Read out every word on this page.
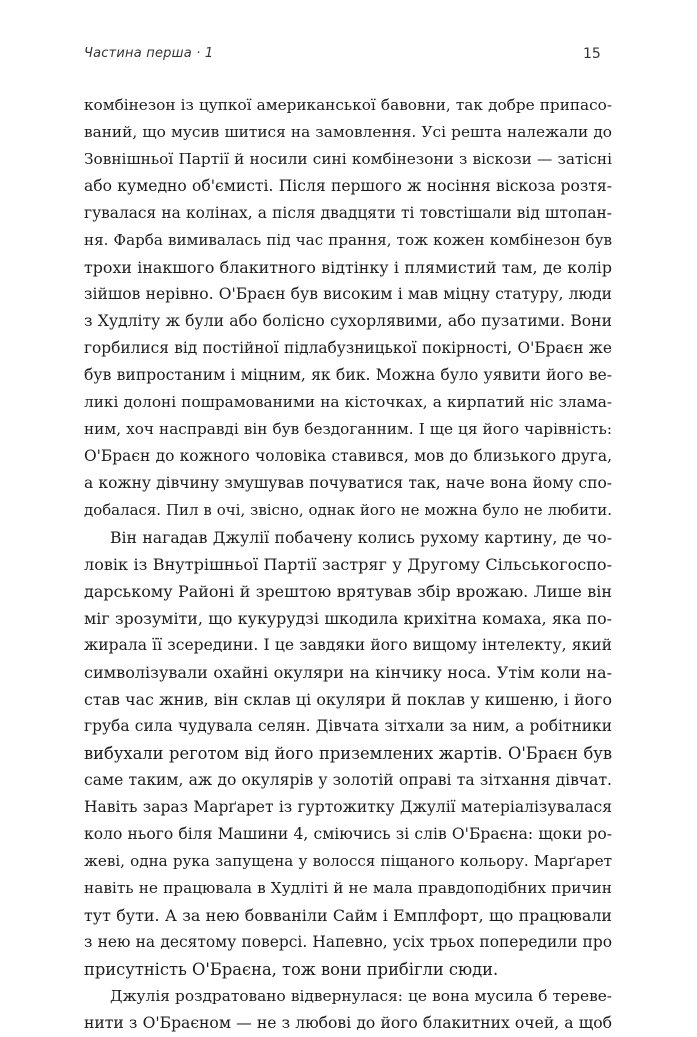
Частина перша · 1	15
комбінезон із цупкої американської бавовни, так добре припасо-
ваний, що мусив шитися на замовлення. Усі решта належали до
Зовнішньої Партії й носили сині комбінезони з віскози — затісні
або кумедно об'ємисті. Після першого ж носіння віскоза розтя-
гувалася на колінах, а після двадцяти ті товстішали від штопан-
ня. Фарба вимивалась під час прання, тож кожен комбінезон був
трохи інакшого блакитного відтінку і плямистий там, де колір
зійшов нерівно. О'Браєн був високим і мав міцну статуру, люди
з Худліту ж були або болісно сухорлявими, або пузатими. Вони
горбилися від постійної підлабузницької покірності, О'Браєн же
був випростаним і міцним, як бик. Можна було уявити його ве-
ликі долоні пошрамованими на кісточках, а кирпатий ніс злама-
ним, хоч насправді він був бездоганним. І ще ця його чарівність:
О'Браєн до кожного чоловіка ставився, мов до близького друга,
а кожну дівчину змушував почуватися так, наче вона йому спо-
добалася. Пил в очі, звісно, однак його не можна було не любити.
Він нагадав Джулії побачену колись рухому картину, де чо-
ловік із Внутрішньої Партії застряг у Другому Сільськогоспо-
дарському Районі й зрештою врятував збір врожаю. Лише він
міг зрозуміти, що кукурудзі шкодила крихітна комаха, яка по-
жирала її зсередини. І це завдяки його вищому інтелекту, який
символізували охайні окуляри на кінчику носа. Утім коли на-
став час жнив, він склав ці окуляри й поклав у кишеню, і його
груба сила чудувала селян. Дівчата зітхали за ним, а робітники
вибухали реготом від його приземлених жартів. О'Браєн був
саме таким, аж до окулярів у золотій оправі та зітхання дівчат.
Навіть зараз Марґарет із гуртожитку Джулії матеріалізувалася
коло нього біля Машини 4, сміючись зі слів О'Браєна: щоки ро-
жеві, одна рука запущена у волосся піщаного кольору. Марґарет
навіть не працювала в Худліті й не мала правдоподібних причин
тут бути. А за нею бовваніли Сайм і Емплфорт, що працювали
з нею на десятому поверсі. Напевно, усіх трьох попередили про
присутність О'Браєна, тож вони прибігли сюди.
Джулія роздратовано відвернулася: це вона мусила б тереве-
нити з О'Браєном — не з любові до його блакитних очей, а щоб
